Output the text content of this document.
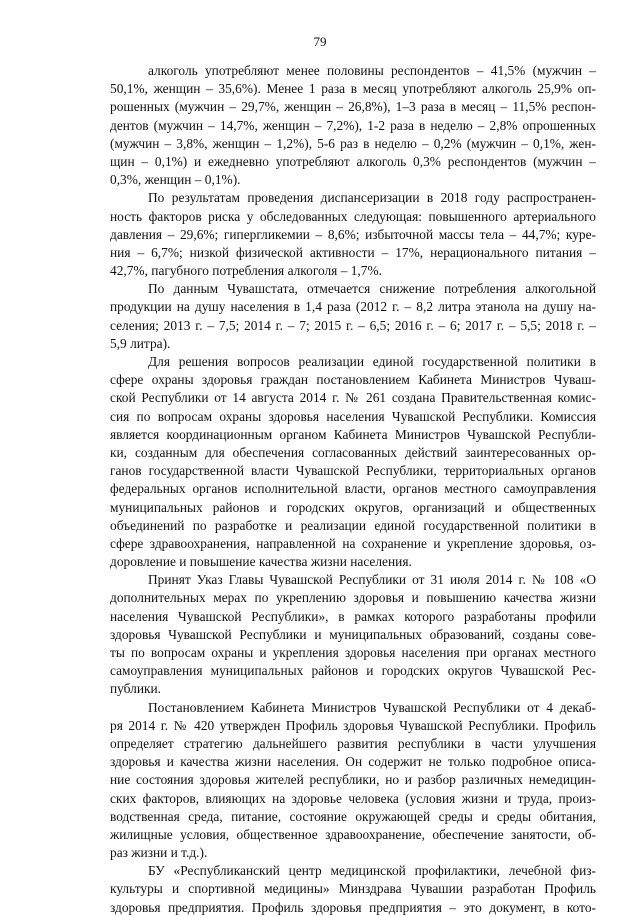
79
алкоголь употребляют менее половины респондентов – 41,5% (мужчин –
50,1%, женщин – 35,6%). Менее 1 раза в месяц употребляют алкоголь 25,9% оп-
рошенных (мужчин – 29,7%, женщин – 26,8%), 1–3 раза в месяц – 11,5% респон-
дентов (мужчин – 14,7%, женщин – 7,2%), 1-2 раза в неделю – 2,8% опрошенных
(мужчин – 3,8%, женщин – 1,2%), 5-6 раз в неделю – 0,2% (мужчин – 0,1%, жен-
щин – 0,1%) и ежедневно употребляют алкоголь 0,3% респондентов (мужчин –
0,3%, женщин – 0,1%).
По результатам проведения диспансеризации в 2018 году распространен-
ность факторов риска у обследованных следующая: повышенного артериального
давления – 29,6%; гипергликемии – 8,6%; избыточной массы тела – 44,7%; куре-
ния – 6,7%; низкой физической активности – 17%, нерационального питания –
42,7%, пагубного потребления алкоголя – 1,7%.
По данным Чувашстата, отмечается снижение потребления алкогольной
продукции на душу населения в 1,4 раза (2012 г. – 8,2 литра этанола на душу на-
селения; 2013 г. – 7,5; 2014 г. – 7; 2015 г. – 6,5; 2016 г. – 6; 2017 г. – 5,5; 2018 г. –
5,9 литра).
Для решения вопросов реализации единой государственной политики в
сфере охраны здоровья граждан постановлением Кабинета Министров Чуваш-
ской Республики от 14 августа 2014 г. № 261 создана Правительственная комис-
сия по вопросам охраны здоровья населения Чувашской Республики. Комиссия
является координационным органом Кабинета Министров Чувашской Республи-
ки, созданным для обеспечения согласованных действий заинтересованных ор-
ганов государственной власти Чувашской Республики, территориальных органов
федеральных органов исполнительной власти, органов местного самоуправления
муниципальных районов и городских округов, организаций и общественных
объединений по разработке и реализации единой государственной политики в
сфере здравоохранения, направленной на сохранение и укрепление здоровья, оз-
доровление и повышение качества жизни населения.
Принят Указ Главы Чувашской Республики от 31 июля 2014 г. № 108 «О
дополнительных мерах по укреплению здоровья и повышению качества жизни
населения Чувашской Республики», в рамках которого разработаны профили
здоровья Чувашской Республики и муниципальных образований, созданы сове-
ты по вопросам охраны и укрепления здоровья населения при органах местного
самоуправления муниципальных районов и городских округов Чувашской Рес-
публики.
Постановлением Кабинета Министров Чувашской Республики от 4 декаб-
ря 2014 г. № 420 утвержден Профиль здоровья Чувашской Республики. Профиль
определяет стратегию дальнейшего развития республики в части улучшения
здоровья и качества жизни населения. Он содержит не только подробное описа-
ние состояния здоровья жителей республики, но и разбор различных немедицин-
ских факторов, влияющих на здоровье человека (условия жизни и труда, произ-
водственная среда, питание, состояние окружающей среды и среды обитания,
жилищные условия, общественное здравоохранение, обеспечение занятости, об-
раз жизни и т.д.).
БУ «Республиканский центр медицинской профилактики, лечебной физ-
культуры и спортивной медицины» Минздрава Чувашии разработан Профиль
здоровья предприятия. Профиль здоровья предприятия – это документ, в кото-
